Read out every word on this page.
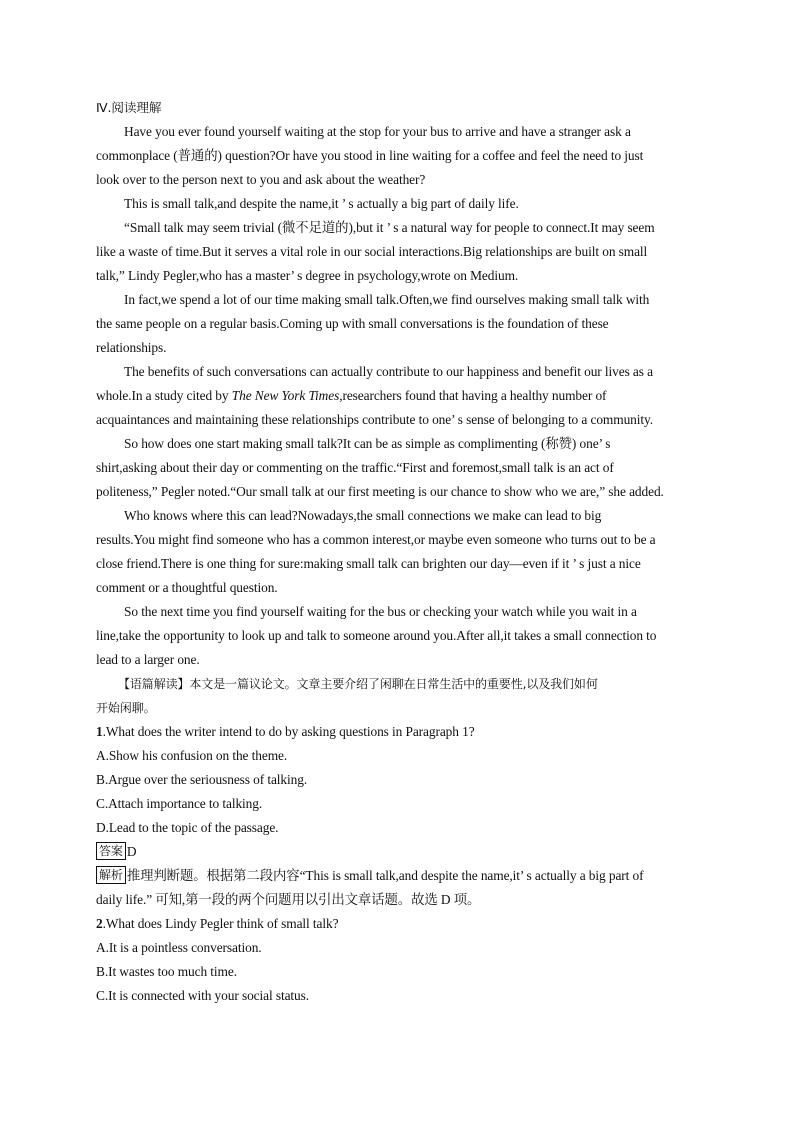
Ⅳ.阅读理解
Have you ever found yourself waiting at the stop for your bus to arrive and have a stranger ask a
commonplace (普通的) question?Or have you stood in line waiting for a coffee and feel the need to just
look over to the person next to you and ask about the weather?
This is small talk,and despite the name,it ’ s actually a big part of daily life.
“Small talk may seem trivial (微不足道的),but it ’ s a natural way for people to connect.It may seem
like a waste of time.But it serves a vital role in our social interactions.Big relationships are built on small
talk,” Lindy Pegler,who has a master’ s degree in psychology,wrote on Medium.
In fact,we spend a lot of our time making small talk.Often,we find ourselves making small talk with
the same people on a regular basis.Coming up with small conversations is the foundation of these
relationships.
The benefits of such conversations can actually contribute to our happiness and benefit our lives as a
whole.In a study cited by The New York Times,researchers found that having a healthy number of
acquaintances and maintaining these relationships contribute to one’ s sense of belonging to a community.
So how does one start making small talk?It can be as simple as complimenting (称赞) one’ s
shirt,asking about their day or commenting on the traffic.“First and foremost,small talk is an act of
politeness,” Pegler noted.“Our small talk at our first meeting is our chance to show who we are,” she added.
Who knows where this can lead?Nowadays,the small connections we make can lead to big
results.You might find someone who has a common interest,or maybe even someone who turns out to be a
close friend.There is one thing for sure:making small talk can brighten our day—even if it ’ s just a nice
comment or a thoughtful question.
So the next time you find yourself waiting for the bus or checking your watch while you wait in a
line,take the opportunity to look up and talk to someone around you.After all,it takes a small connection to
lead to a larger one.
【语篇解读】本文是一篇议论文。文章主要介绍了闲聊在日常生活中的重要性,以及我们如何
开始闲聊。
1.What does the writer intend to do by asking questions in Paragraph 1?
A.Show his confusion on the theme.
B.Argue over the seriousness of talking.
C.Attach importance to talking.
D.Lead to the topic of the passage.
答案 D
解析 推理判断题。根据第二段内容“This is small talk,and despite the name,it’ s actually a big part of
daily life.” 可知,第一段的两个问题用以引出文章话题。故选 D 项。
2.What does Lindy Pegler think of small talk?
A.It is a pointless conversation.
B.It wastes too much time.
C.It is connected with your social status.
